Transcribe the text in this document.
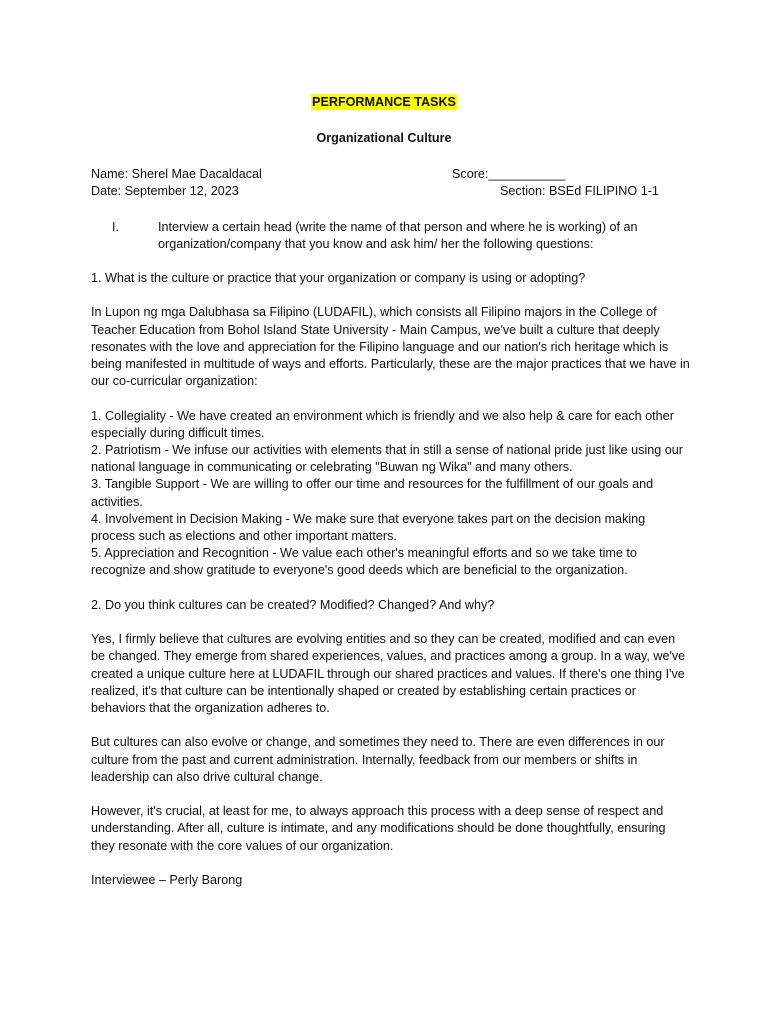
PERFORMANCE TASKS
Organizational Culture
Name: Sherel Mae Dacaldacal	Score:___________
Date: September 12, 2023	Section: BSEd FILIPINO 1-1
I.	Interview a certain head (write the name of that person and where he is working) of an organization/company that you know and ask him/ her the following questions:

1. What is the culture or practice that your organization or company is using or adopting?

In Lupon ng mga Dalubhasa sa Filipino (LUDAFIL), which consists all Filipino majors in the College of Teacher Education from Bohol Island State University - Main Campus, we've built a culture that deeply resonates with the love and appreciation for the Filipino language and our nation's rich heritage which is being manifested in multitude of ways and efforts. Particularly, these are the major practices that we have in our co-curricular organization:

1. Collegiality - We have created an environment which is friendly and we also help & care for each other especially during difficult times.

2. Patriotism - We infuse our activities with elements that in still a sense of national pride just like using our national language in communicating or celebrating "Buwan ng Wika" and many others.

3. Tangible Support - We are willing to offer our time and resources for the fulfillment of our goals and activities.

4. Involvement in Decision Making - We make sure that everyone takes part on the decision making process such as elections and other important matters.

5. Appreciation and Recognition - We value each other's meaningful efforts and so we take time to recognize and show gratitude to everyone's good deeds which are beneficial to the organization.

2. Do you think cultures can be created? Modified? Changed? And why?

Yes, I firmly believe that cultures are evolving entities and so they can be created, modified and can even be changed. They emerge from shared experiences, values, and practices among a group. In a way, we've created a unique culture here at LUDAFIL through our shared practices and values. If there's one thing I've realized, it's that culture can be intentionally shaped or created by establishing certain practices or behaviors that the organization adheres to.

But cultures can also evolve or change, and sometimes they need to. There are even differences in our culture from the past and current administration. Internally, feedback from our members or shifts in leadership can also drive cultural change.

However, it's crucial, at least for me, to always approach this process with a deep sense of respect and understanding. After all, culture is intimate, and any modifications should be done thoughtfully, ensuring they resonate with the core values of our organization.

Interviewee – Perly Barong
